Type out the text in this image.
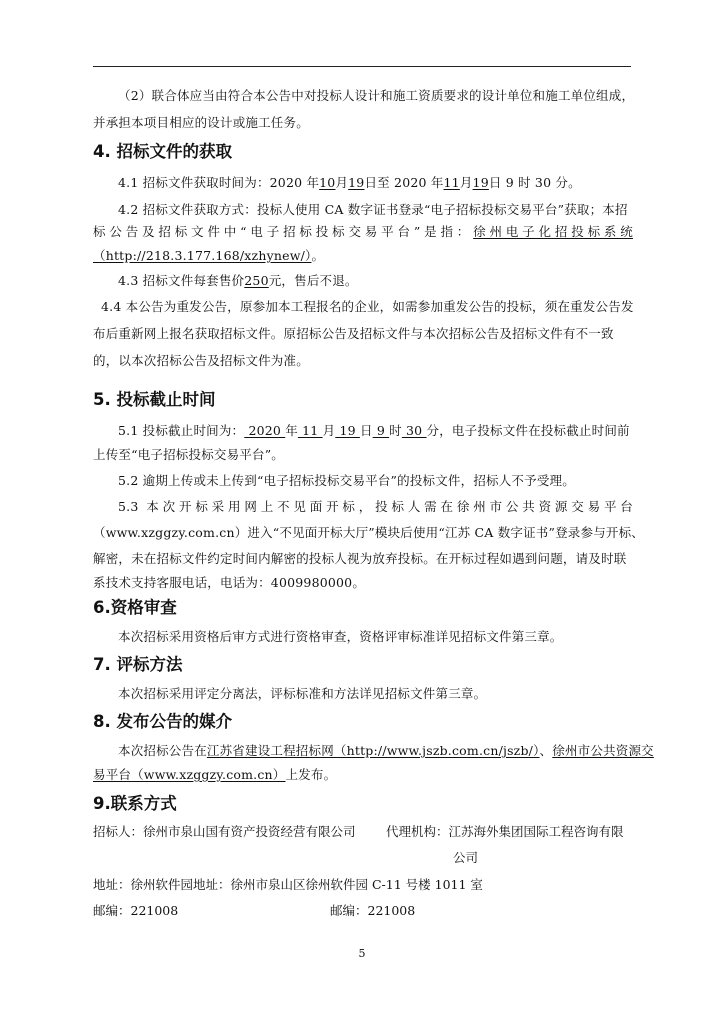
（2）联合体应当由符合本公告中对投标人设计和施工资质要求的设计单位和施工单位组成，
并承担本项目相应的设计或施工任务。
4. 招标文件的获取
4.1 招标文件获取时间为：2020 年10月19日至 2020 年11月19日 9 时 30 分。
4.2 招标文件获取方式：投标人使用 CA 数字证书登录“电子招标投标交易平台”获取；本招
标公告及招标文件中“电子招标投标交易平台”是指：徐州电子化招投标系统
（http://218.3.177.168/xzhynew/）。
4.3 招标文件每套售价250元，售后不退。
4.4 本公告为重发公告，原参加本工程报名的企业，如需参加重发公告的投标，须在重发公告发
布后重新网上报名获取招标文件。原招标公告及招标文件与本次招标公告及招标文件有不一致
的，以本次招标公告及招标文件为准。
5. 投标截止时间
5.1 投标截止时间为： 2020 年 11 月 19 日 9 时 30 分，电子投标文件在投标截止时间前
上传至“电子招标投标交易平台”。
5.2 逾期上传或未上传到“电子招标投标交易平台”的投标文件，招标人不予受理。
5.3 本次开标采用网上不见面开标，投标人需在徐州市公共资源交易平台
（www.xzggzy.com.cn）进入“不见面开标大厅”模块后使用“江苏 CA 数字证书”登录参与开标、
解密，未在招标文件约定时间内解密的投标人视为放弃投标。在开标过程如遇到问题，请及时联
系技术支持客服电话，电话为：4009980000。
6.资格审查
本次招标采用资格后审方式进行资格审查，资格评审标准详见招标文件第三章。
7. 评标方法
本次招标采用评定分离法，评标标准和方法详见招标文件第三章。
8. 发布公告的媒介
本次招标公告在江苏省建设工程招标网（http://www.jszb.com.cn/jszb/）、徐州市公共资源交
易平台（www.xzggzy.com.cn）上发布。
9.联系方式
招标人：徐州市泉山国有资产投资经营有限公司 代理机构：江苏海外集团国际工程咨询有限
公司
地址：徐州软件园地址：徐州市泉山区徐州软件园 C-11 号楼 1011 室
邮编：221008	邮编：221008
5
